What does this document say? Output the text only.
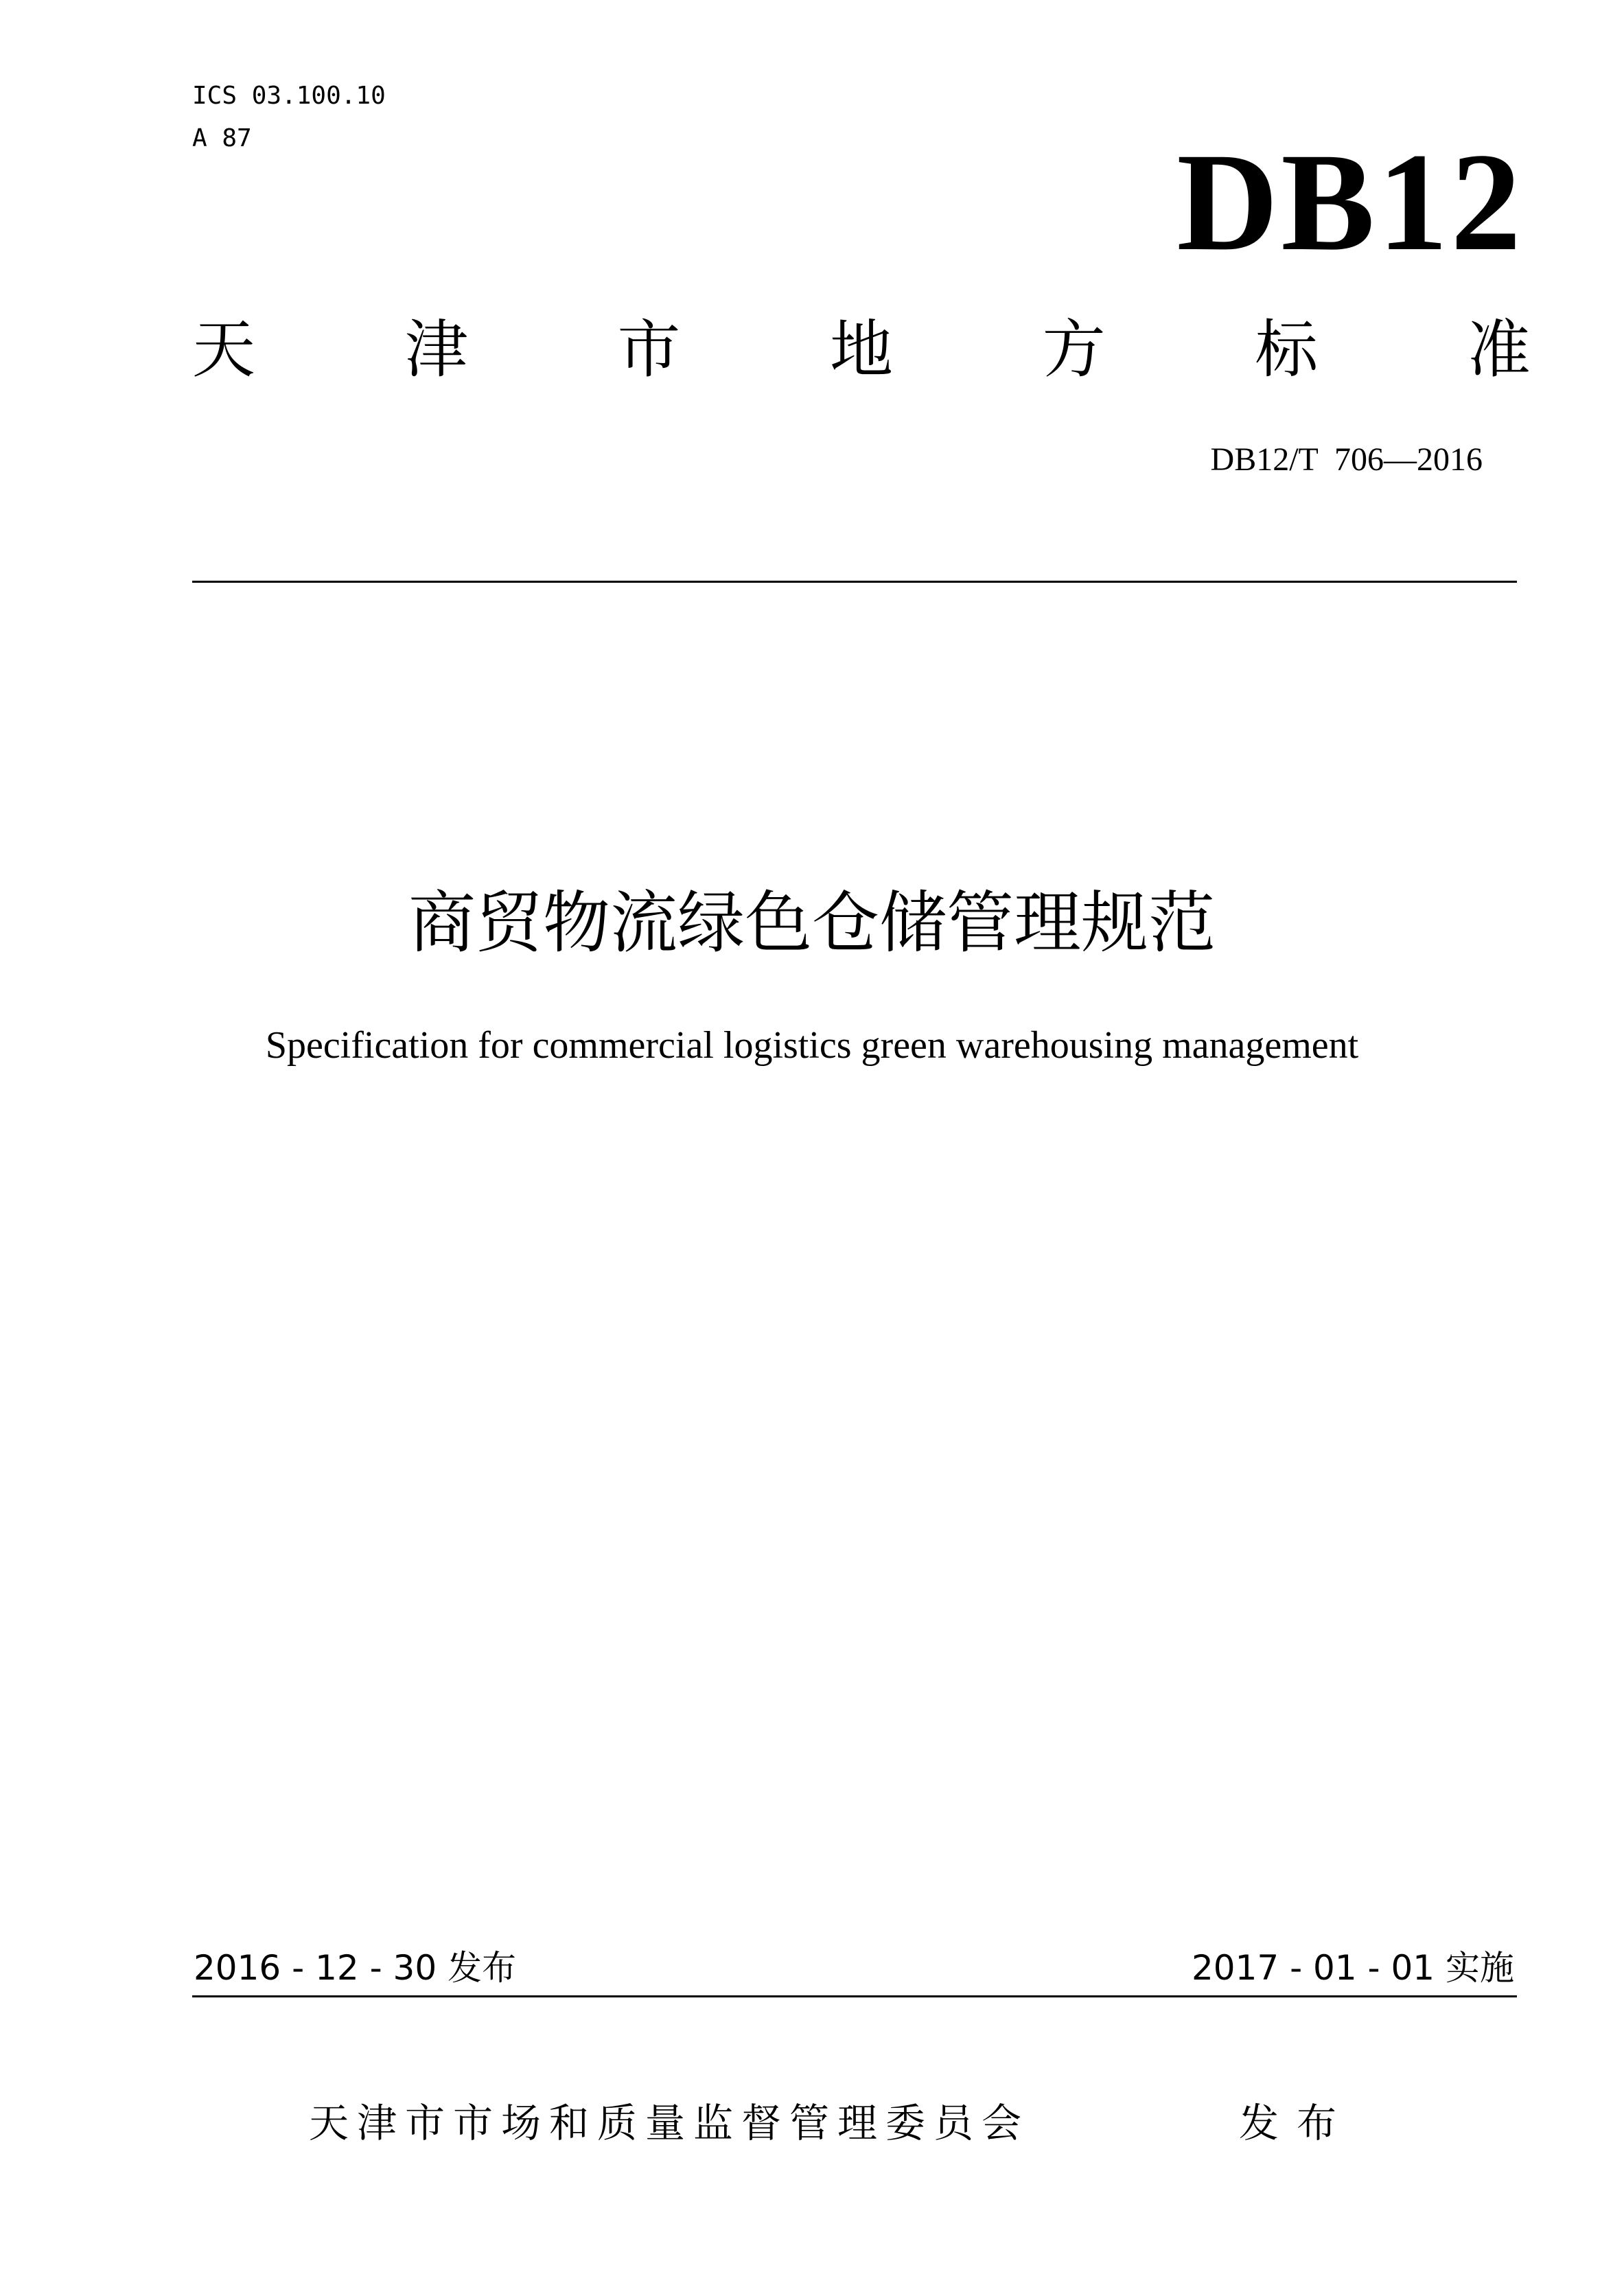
ICS 03.100.10
A 87	DB12
天 津 市 地 方 标 准
DB12/T  706—2016
商贸物流绿色仓储管理规范
Specification for commercial logistics green warehousing management
2016 - 12 - 30 发布	2017 - 01 - 01 实施
天津市市场和质量监督管理委员会	发布
